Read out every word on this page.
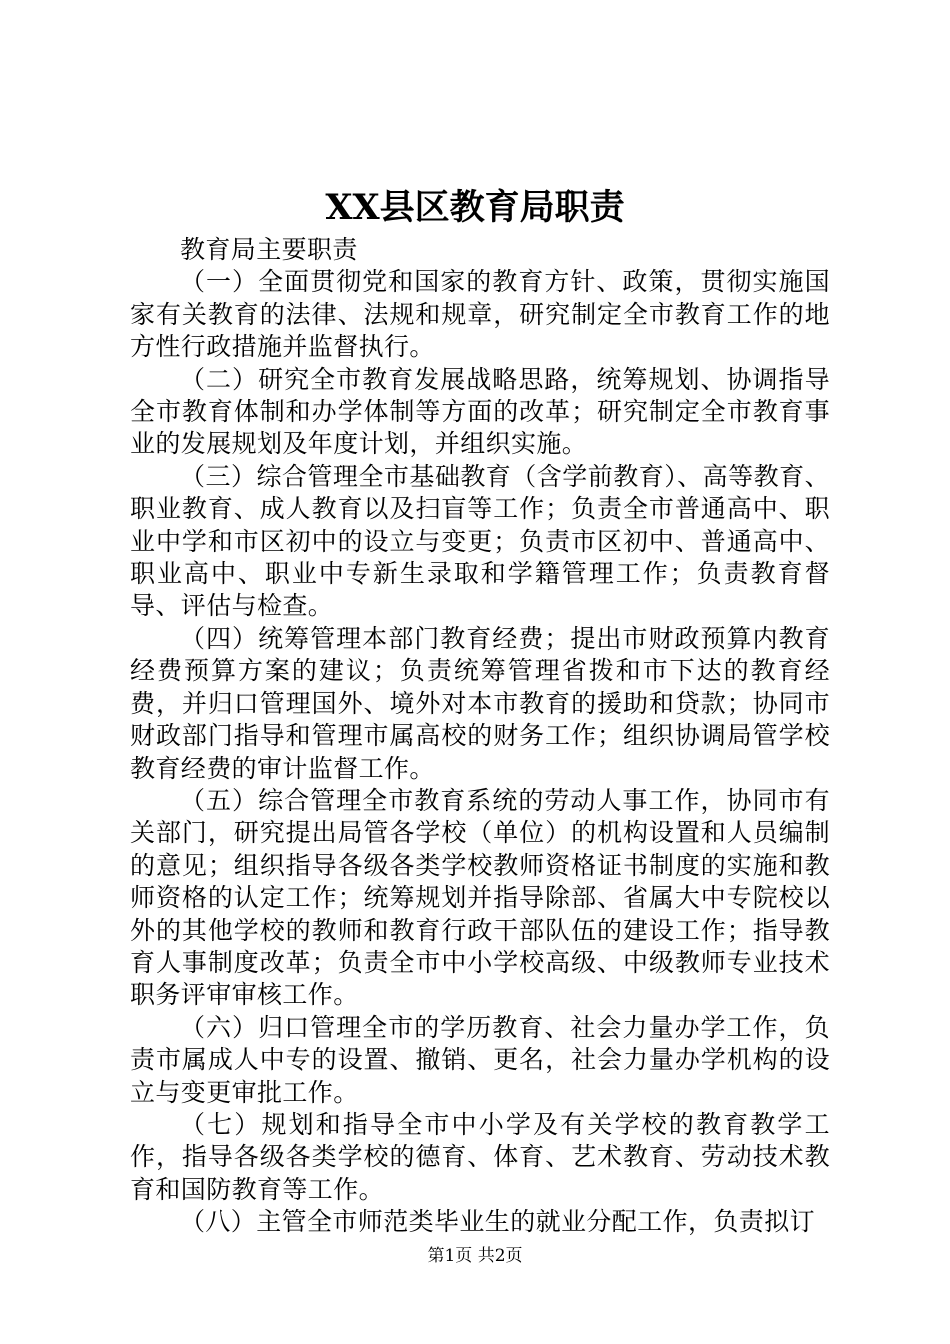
XX县区教育局职责

教育局主要职责

（一）全面贯彻党和国家的教育方针、政策，贯彻实施国家有关教育的法律、法规和规章，研究制定全市教育工作的地方性行政措施并监督执行。

（二）研究全市教育发展战略思路，统筹规划、协调指导全市教育体制和办学体制等方面的改革；研究制定全市教育事业的发展规划及年度计划，并组织实施。

（三）综合管理全市基础教育（含学前教育）、高等教育、职业教育、成人教育以及扫盲等工作；负责全市普通高中、职业中学和市区初中的设立与变更；负责市区初中、普通高中、职业高中、职业中专新生录取和学籍管理工作；负责教育督导、评估与检查。

（四）统筹管理本部门教育经费；提出市财政预算内教育经费预算方案的建议；负责统筹管理省拨和市下达的教育经费，并归口管理国外、境外对本市教育的援助和贷款；协同市财政部门指导和管理市属高校的财务工作；组织协调局管学校教育经费的审计监督工作。

（五）综合管理全市教育系统的劳动人事工作，协同市有关部门，研究提出局管各学校（单位）的机构设置和人员编制的意见；组织指导各级各类学校教师资格证书制度的实施和教师资格的认定工作；统筹规划并指导除部、省属大中专院校以外的其他学校的教师和教育行政干部队伍的建设工作；指导教育人事制度改革；负责全市中小学校高级、中级教师专业技术职务评审审核工作。

（六）归口管理全市的学历教育、社会力量办学工作，负责市属成人中专的设置、撤销、更名，社会力量办学机构的设立与变更审批工作。

（七）规划和指导全市中小学及有关学校的教育教学工作，指导各级各类学校的德育、体育、艺术教育、劳动技术教育和国防教育等工作。

（八）主管全市师范类毕业生的就业分配工作，负责拟订

第1页 共2页
